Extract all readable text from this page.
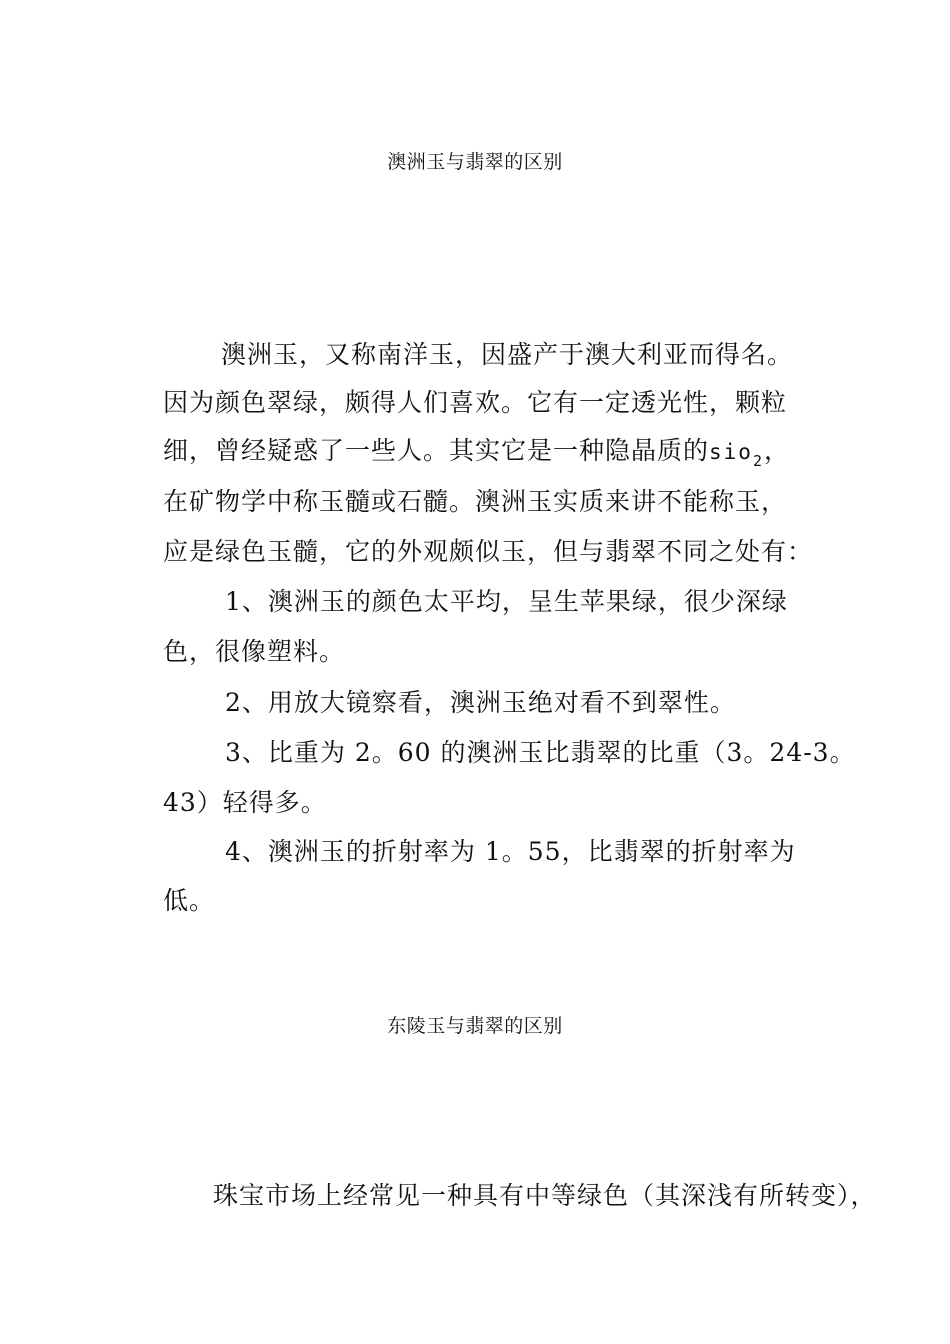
澳洲玉与翡翠的区别
澳洲玉，又称南洋玉，因盛产于澳大利亚而得名。
因为颜色翠绿，颇得人们喜欢。它有一定透光性，颗粒
细，曾经疑惑了一些人。其实它是一种隐晶质的sio$_2$，
在矿物学中称玉髓或石髓。澳洲玉实质来讲不能称玉，
应是绿色玉髓，它的外观颇似玉，但与翡翠不同之处有：
1、澳洲玉的颜色太平均，呈生苹果绿，很少深绿
色，很像塑料。
2、用放大镜察看，澳洲玉绝对看不到翠性。
3、比重为 2。60 的澳洲玉比翡翠的比重（3。24-3。
43）轻得多。
4、澳洲玉的折射率为 1。55，比翡翠的折射率为
低。
东陵玉与翡翠的区别
珠宝市场上经常见一种具有中等绿色（其深浅有所转变），
